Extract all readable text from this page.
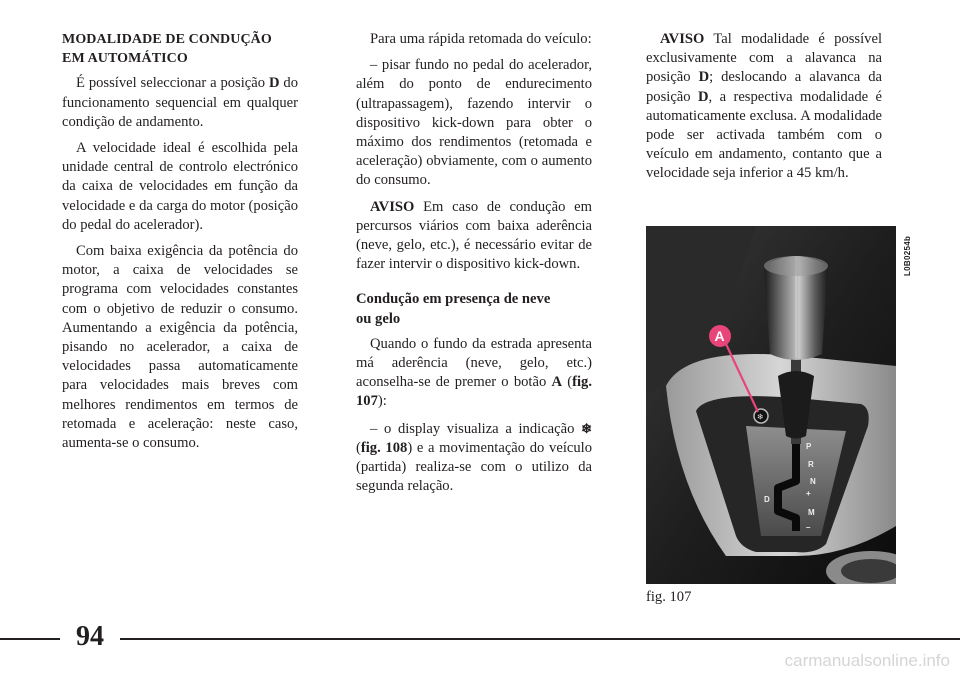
MODALIDADE DE CONDUÇÃO
EM AUTOMÁTICO

É possível seleccionar a posição D do funcionamento sequencial em qualquer condição de andamento.

A velocidade ideal é escolhida pela unidade central de controlo electrónico da caixa de velocidades em função da velocidade e da carga do motor (posição do pedal do acelerador).

Com baixa exigência da potência do motor, a caixa de velocidades se programa com velocidades constantes com o objetivo de reduzir o consumo. Aumentando a exigência da potência, pisando no acelerador, a caixa de velocidades passa automaticamente para velocidades mais breves com melhores rendimentos em termos de retomada e aceleração: neste caso, aumenta-se o consumo.

Para uma rápida retomada do veículo:

– pisar fundo no pedal do acelerador, além do ponto de endurecimento (ultrapassagem), fazendo intervir o dispositivo kick-down para obter o máximo dos rendimentos (retomada e aceleração) obviamente, com o aumento do consumo.

AVISO Em caso de condução em percursos viários com baixa aderência (neve, gelo, etc.), é necessário evitar de fazer intervir o dispositivo kick-down.

Condução em presença de neve
ou gelo

Quando o fundo da estrada apresenta má aderência (neve, gelo, etc.) aconselha-se de premer o botão A (fig. 107):

– o display visualiza a indicação ❄ (fig. 108) e a movimentação do veículo (partida) realiza-se com o utilizo da segunda relação.

AVISO Tal modalidade é possível exclusivamente com a alavanca na posição D; deslocando a alavanca da posição D, a respectiva modalidade é automaticamente exclusa. A modalidade pode ser activada também com o veículo em andamento, contanto que a velocidade seja inferior a 45 km/h.

P
R
N
D
+
M
–
❄
A
L0B0254b
fig. 107
94
carmanualsonline.info
